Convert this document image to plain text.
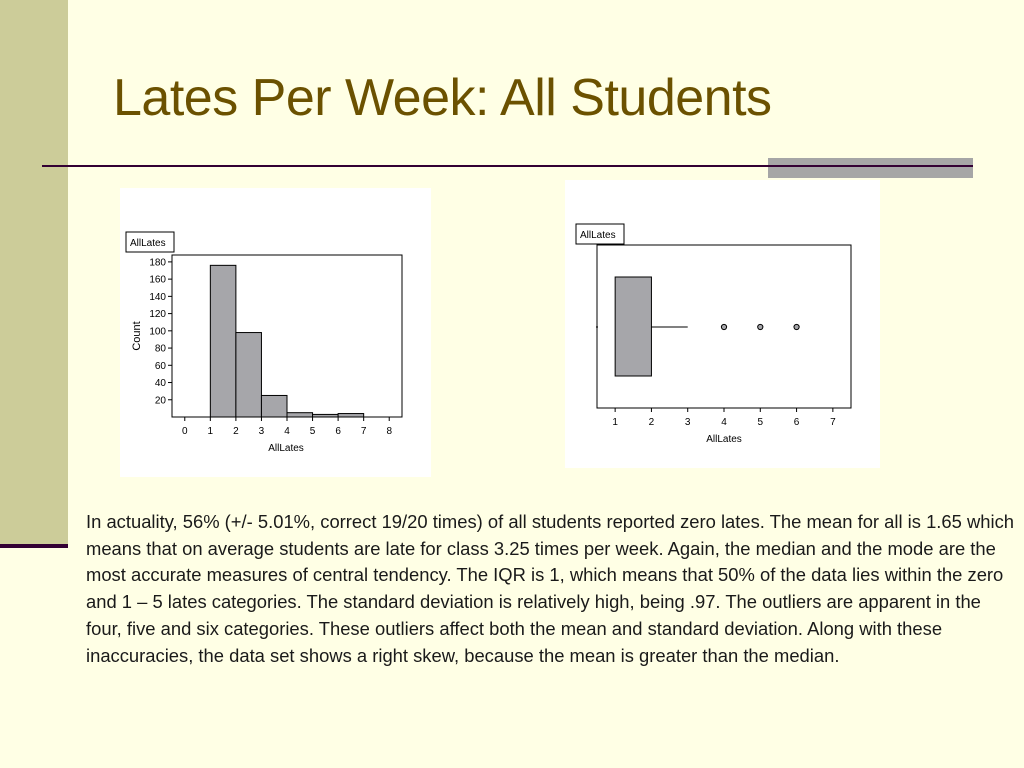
Lates Per Week: All Students
AllLates
20
40
60
80
100
120
140
160
180
0 1 2 3 4 5 6 7 8
Count
AllLates
AllLates
1	2	3	4	5	6	7
AllLates
In actuality, 56% (+/- 5.01%, correct 19/20 times) of all students reported zero lates. The mean for all is 1.65 which means that on average students are late for class 3.25 times per week. Again, the median and the mode are the most accurate measures of central tendency. The IQR is 1, which means that 50% of the data lies within the zero and 1 – 5 lates categories. The standard deviation is relatively high, being .97. The outliers are apparent in the four, five and six categories. These outliers affect both the mean and standard deviation. Along with these inaccuracies, the data set shows a right skew, because the mean is greater than the median.
